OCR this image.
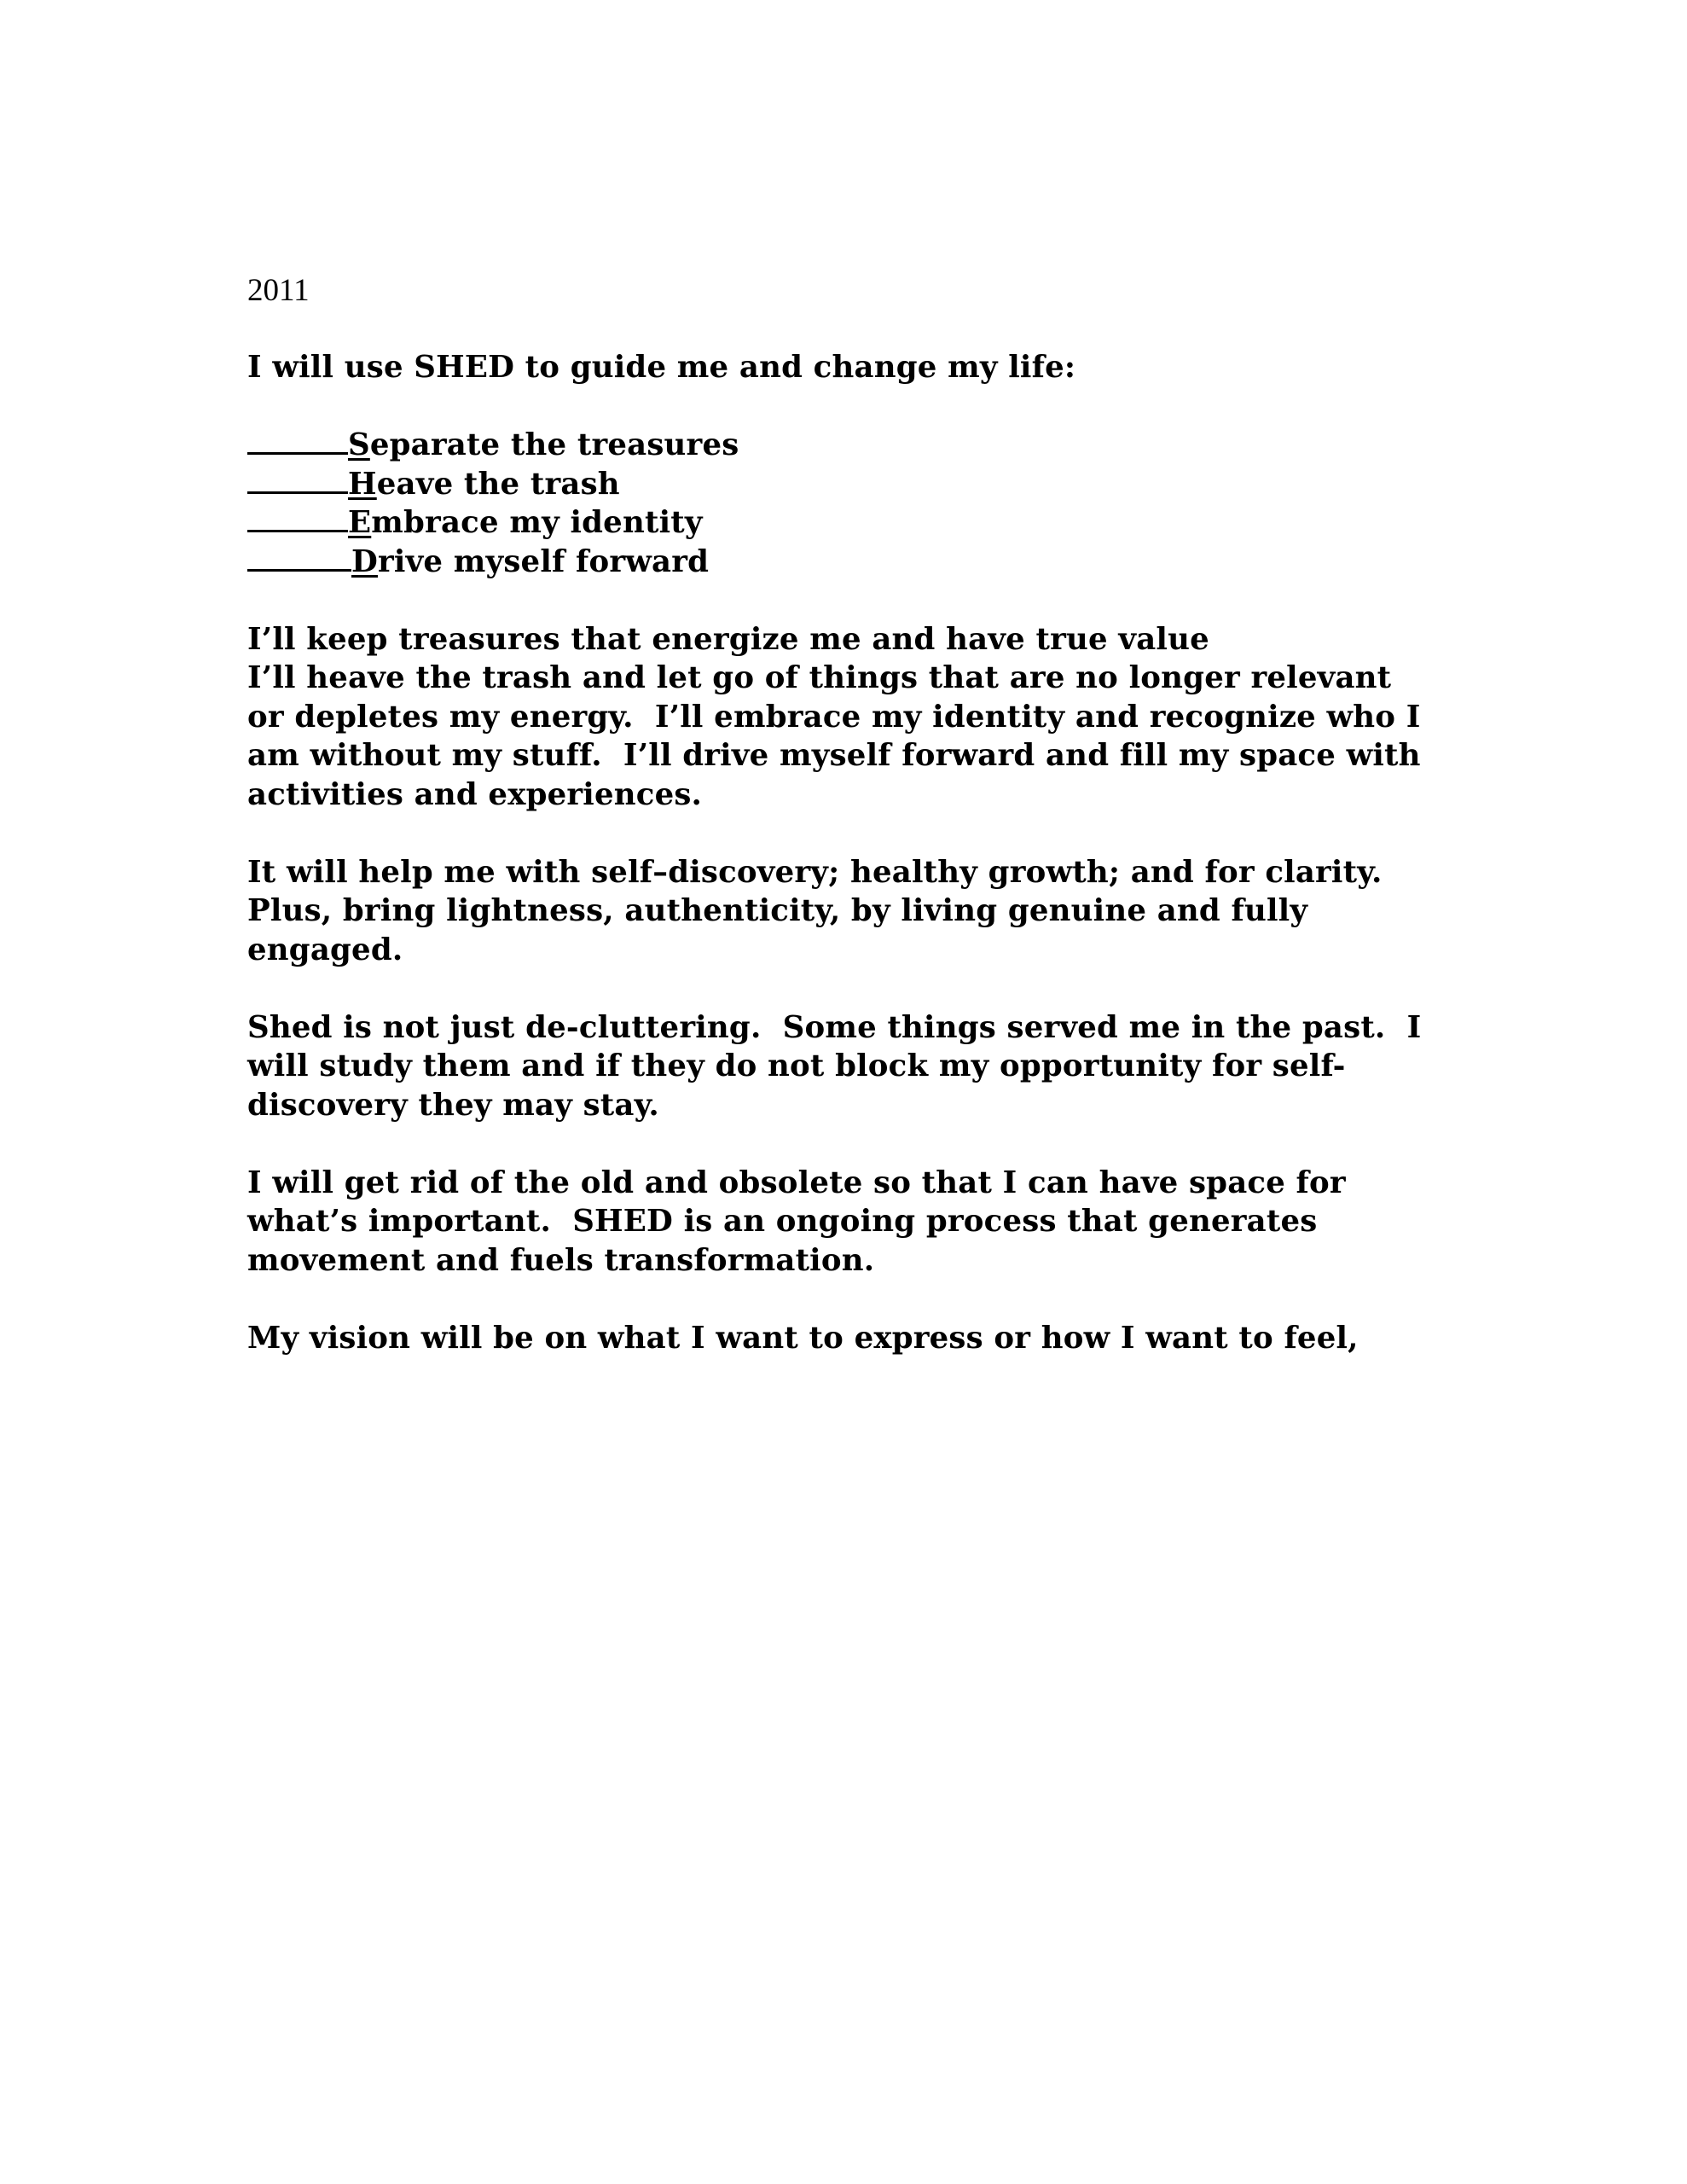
2011

I will use SHED to guide me and change my life:

S eparate the treasures
H eave the trash
E mbrace my identity
D rive myself forward
I’ll keep treasures that energize me and have true value
I’ll heave the trash and let go of things that are no longer relevant
or depletes my energy.  I’ll embrace my identity and recognize who I
am without my stuff.  I’ll drive myself forward and fill my space with
activities and experiences.
It will help me with self–discovery; healthy growth; and for clarity.
Plus, bring lightness, authenticity, by living genuine and fully
engaged.
Shed is not just de-cluttering.  Some things served me in the past.  I
will study them and if they do not block my opportunity for self-
discovery they may stay.
I will get rid of the old and obsolete so that I can have space for
what’s important.  SHED is an ongoing process that generates
movement and fuels transformation.
My vision will be on what I want to express or how I want to feel,
